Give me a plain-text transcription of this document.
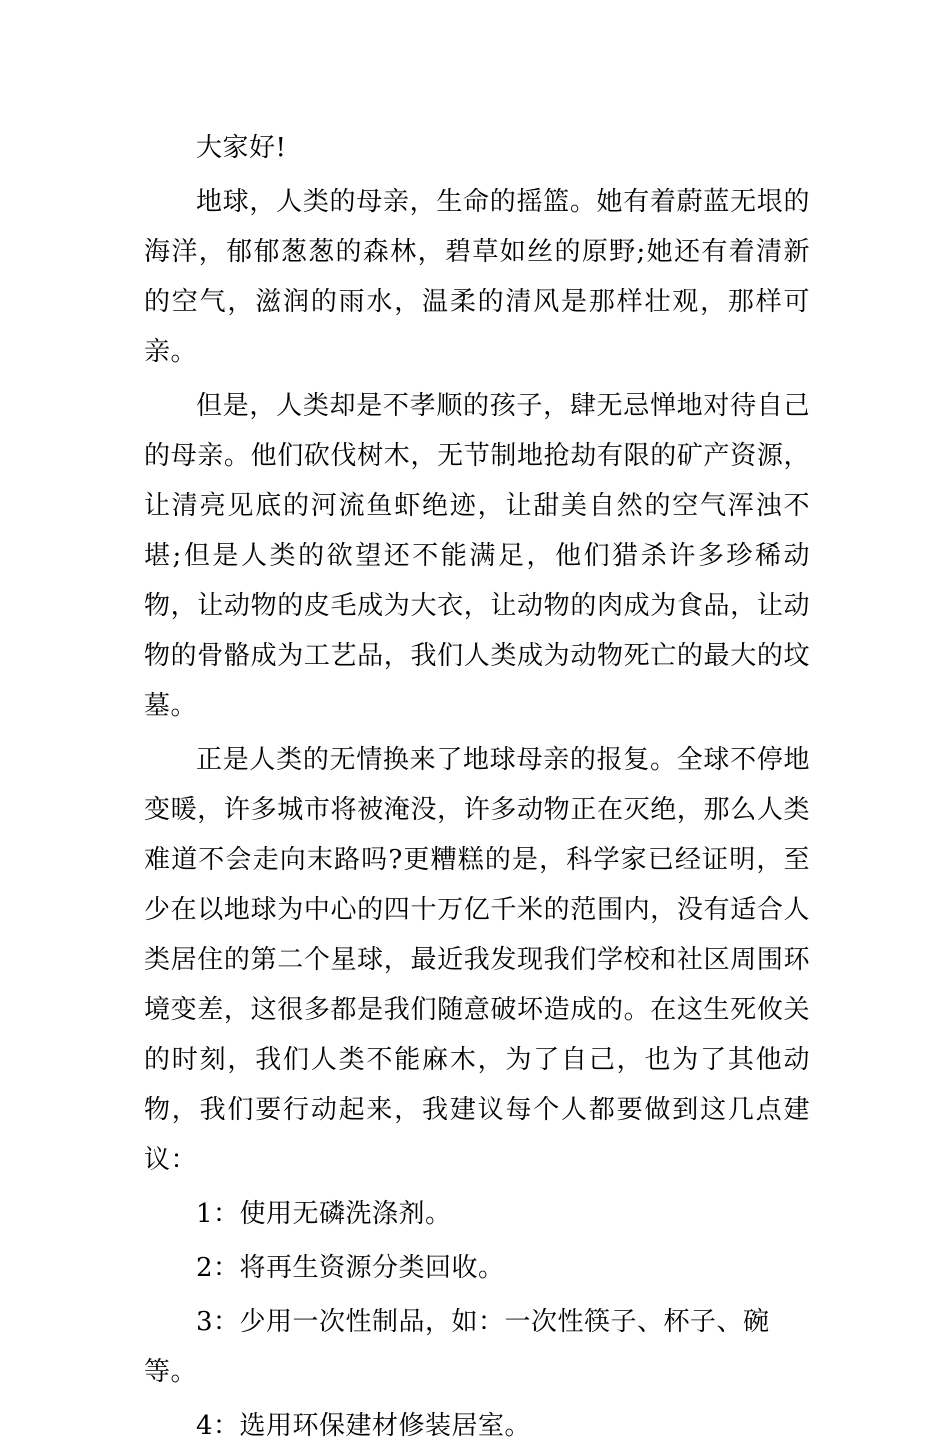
大家好!

地球，人类的母亲，生命的摇篮。她有着蔚蓝无垠的海洋，郁郁葱葱的森林，碧草如丝的原野;她还有着清新的空气，滋润的雨水，温柔的清风是那样壮观，那样可亲。

但是，人类却是不孝顺的孩子，肆无忌惮地对待自己的母亲。他们砍伐树木，无节制地抢劫有限的矿产资源，让清亮见底的河流鱼虾绝迹，让甜美自然的空气浑浊不堪;但是人类的欲望还不能满足，他们猎杀许多珍稀动物，让动物的皮毛成为大衣，让动物的肉成为食品，让动物的骨骼成为工艺品，我们人类成为动物死亡的最大的坟墓。

正是人类的无情换来了地球母亲的报复。全球不停地变暖，许多城市将被淹没，许多动物正在灭绝，那么人类难道不会走向末路吗?更糟糕的是，科学家已经证明，至少在以地球为中心的四十万亿千米的范围内，没有适合人类居住的第二个星球，最近我发现我们学校和社区周围环境变差，这很多都是我们随意破坏造成的。在这生死攸关的时刻，我们人类不能麻木，为了自己，也为了其他动物，我们要行动起来，我建议每个人都要做到这几点建议：

1：使用无磷洗涤剂。

2：将再生资源分类回收。

3：少用一次性制品，如：一次性筷子、杯子、碗等。

4：选用环保建材修装居室。
